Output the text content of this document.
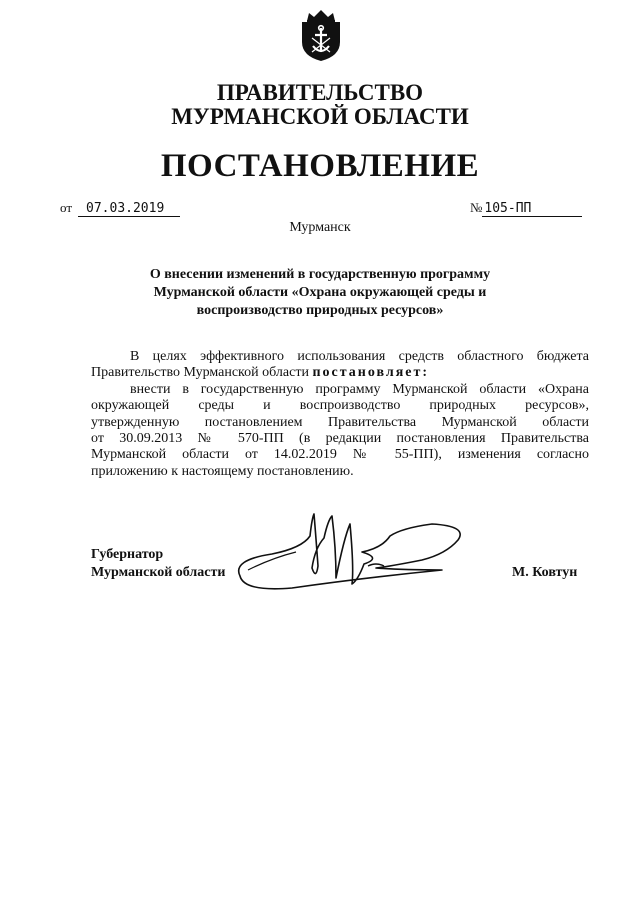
ПРАВИТЕЛЬСТВО
МУРМАНСКОЙ ОБЛАСТИ
ПОСТАНОВЛЕНИЕ
от 07.03.2019	№ 105-ПП
Мурманск
О внесении изменений в государственную программу
Мурманской области «Охрана окружающей среды и
воспроизводство природных ресурсов»

В целях эффективного использования средств областного бюджета
Правительство Мурманской области постановляет:

внести в государственную программу Мурманской области «Охрана
окружающей среды и воспроизводство природных ресурсов»,
утвержденную постановлением Правительства Мурманской области
от 30.09.2013 № 570-ПП (в редакции постановления Правительства
Мурманской области от 14.02.2019 № 55-ПП), изменения согласно
приложению к настоящему постановлению.

Губернатор
Мурманской области	М. Ковтун
